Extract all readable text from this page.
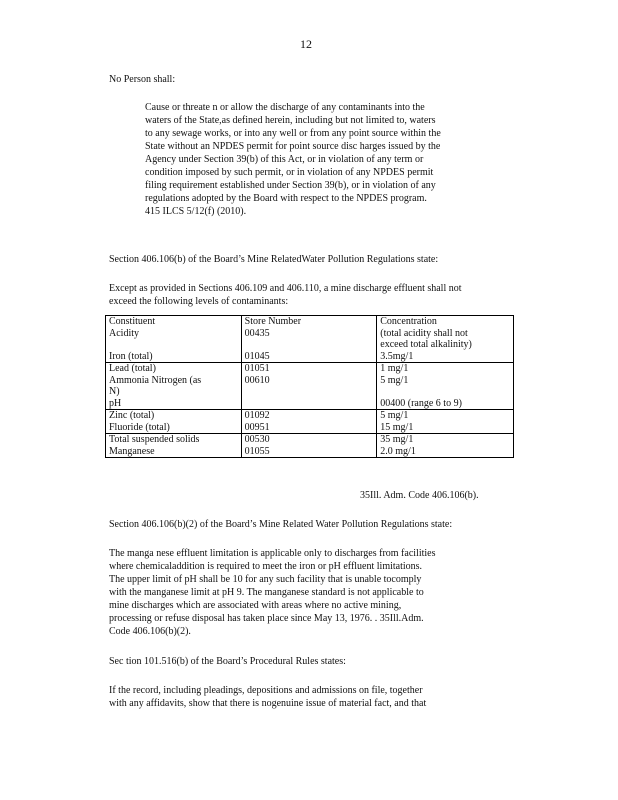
12
No Person shall:
Cause or threate n or allow the discharge of any contaminants into the
waters of the State,as defined herein, including but not limited to, waters
to any sewage works, or into any well or from any point source within the
State without an NPDES permit for point source disc harges issued by the
Agency under Section 39(b) of this Act, or in violation of any term or
condition imposed by such permit, or in violation of any NPDES permit
filing requirement established under Section 39(b), or in violation of any
regulations adopted by the Board with respect to the NPDES program.
415 ILCS 5/12(f) (2010).
Section 406.106(b) of the Board’s Mine RelatedWater Pollution Regulations state:
Except as provided in Sections 406.109 and 406.110, a mine discharge effluent shall not
exceed the following levels of contaminants:
Constituent	Store Number	Concentration
Acidity	00435	(total acidity shall not
		exceed total alkalinity)
Iron (total)	01045	3.5mg/1
Lead (total)	01051	1 mg/1
Ammonia Nitrogen (as	00610	5 mg/1
N)		
pH		00400 (range 6 to 9)
Zinc (total)	01092	5 mg/1
Fluoride (total)	00951	15 mg/1
Total suspended solids	00530	35 mg/1
Manganese	01055	2.0 mg/1
35Ill. Adm. Code 406.106(b).
Section 406.106(b)(2) of the Board’s Mine Related Water Pollution Regulations state:
The manga nese effluent limitation is applicable only to discharges from facilities
where chemicaladdition is required to meet the iron or pH effluent limitations.
The upper limit of pH shall be 10 for any such facility that is unable tocomply
with the manganese limit at pH 9. The manganese standard is not applicable to
mine discharges which are associated with areas where no active mining,
processing or refuse disposal has taken place since May 13, 1976. . 35Ill.Adm.
Code 406.106(b)(2).
Sec tion 101.516(b) of the Board’s Procedural Rules states:
If the record, including pleadings, depositions and admissions on file, together
with any affidavits, show that there is nogenuine issue of material fact, and that
